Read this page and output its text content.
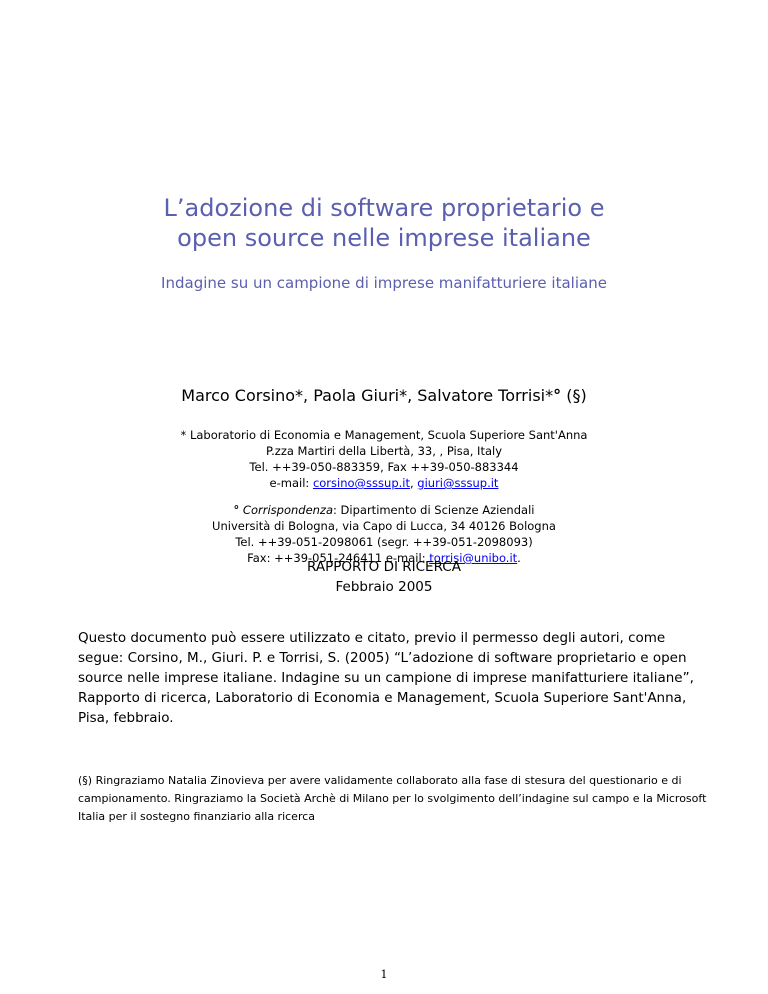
L’adozione di software proprietario e
open source nelle imprese italiane
Indagine su un campione di imprese manifatturiere italiane
Marco Corsino*, Paola Giuri*, Salvatore Torrisi*° (§)
* Laboratorio di Economia e Management, Scuola Superiore Sant'Anna
P.zza Martiri della Libertà, 33, , Pisa, Italy
Tel. ++39-050-883359, Fax ++39-050-883344
e-mail: corsino@sssup.it, giuri@sssup.it
° Corrispondenza: Dipartimento di Scienze Aziendali
Università di Bologna, via Capo di Lucca, 34 40126 Bologna
Tel. ++39-051-2098061 (segr. ++39-051-2098093)
Fax: ++39-051-246411 e-mail: torrisi@unibo.it.
RAPPORTO DI RICERCA
Febbraio 2005
Questo documento può essere utilizzato e citato, previo il permesso degli autori, come segue: Corsino, M., Giuri. P. e Torrisi, S. (2005) “L’adozione di software proprietario e open source nelle imprese italiane. Indagine su un campione di imprese manifatturiere italiane”, Rapporto di ricerca, Laboratorio di Economia e Management, Scuola Superiore Sant'Anna, Pisa, febbraio.
(§) Ringraziamo Natalia Zinovieva per avere validamente collaborato alla fase di stesura del questionario e di campionamento. Ringraziamo la Società Archè di Milano per lo svolgimento dell’indagine sul campo e la Microsoft Italia per il sostegno finanziario alla ricerca
1
